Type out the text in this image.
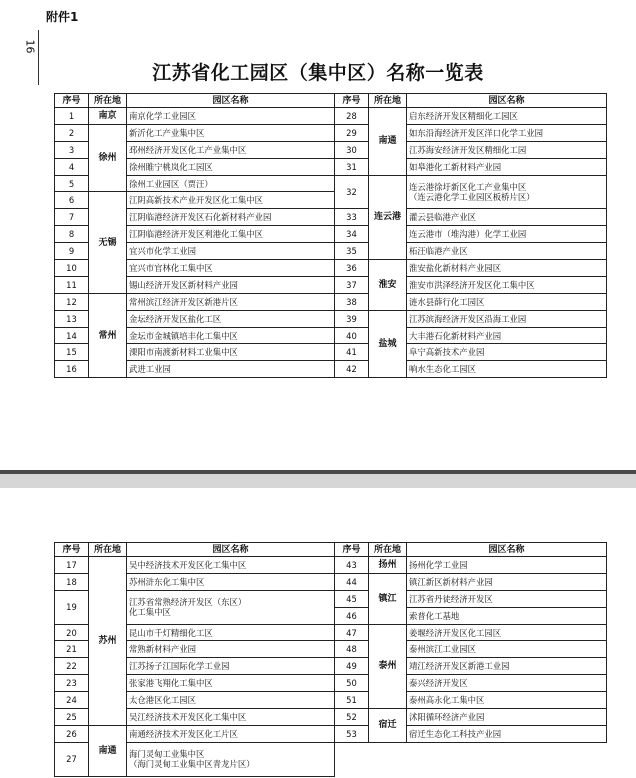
附件1
16
江苏省化工园区（集中区）名称一览表
序号	所在地	园区名称
1	南京	南京化学工业园区
2	徐州	新沂化工产业集中区
3		邳州经济开发区化工产业集中区
4		徐州睢宁桃岚化工园区
5		徐州工业园区（贾汪）
6	无锡	江阴高新技术产业开发区化工集中区
7		江阴临港经济开发区石化新材料产业园
8		江阴临港经济开发区利港化工集中区
9		宜兴市化学工业园
10		宜兴市官林化工集中区
11		锡山经济开发区新材料产业园
12	常州	常州滨江经济开发区新港片区
13		金坛经济开发区盐化工区
14		金坛市金城镇培丰化工集中区
15		溧阳市南渡新材料工业集中区
16		武进工业园
序号	所在地	园区名称
28	南通	启东经济开发区精细化工园区
29		如东沿海经济开发区洋口化学工业园
30		江苏海安经济开发区精细化工园
31		如皋港化工新材料产业园
32	连云港	连云港徐圩新区化工产业集中区
（连云港化学工业园区板桥片区）
33		灌云县临港产业区
34		连云港市（堆沟港）化学工业园
35		柘汪临港产业区
36	淮安	淮安盐化新材料产业园区
37		淮安市洪泽经济开发区化工集中区
38		涟水县薛行化工园区
39	盐城	江苏滨海经济开发区沿海工业园
40		大丰港石化新材料产业园
41		阜宁高新技术产业园
42		响水生态化工园区
序号	所在地	园区名称
17	苏州	吴中经济技术开发区化工集中区
18		苏州浒东化工集中区
19		江苏省常熟经济开发区（东区）
化工集中区
20		昆山市千灯精细化工区
21		常熟新材料产业园
22		江苏扬子江国际化学工业园
23		张家港飞翔化工集中区
24		太仓港区化工园区
25		吴江经济技术开发区化工集中区
26	南通	南通经济技术开发区化工片区
27		海门灵甸工业集中区
（海门灵甸工业集中区青龙片区）
序号	所在地	园区名称
43	扬州	扬州化学工业园
44	镇江	镇江新区新材料产业园
45		江苏省丹徒经济开发区
46		索普化工基地
47	泰州	姜堰经济开发区化工园区
48		泰州滨江工业园区
49		靖江经济开发区新港工业园
50		泰兴经济开发区
51		泰州高永化工集中区
52	宿迁	沭阳循环经济产业园
53		宿迁生态化工科技产业园
